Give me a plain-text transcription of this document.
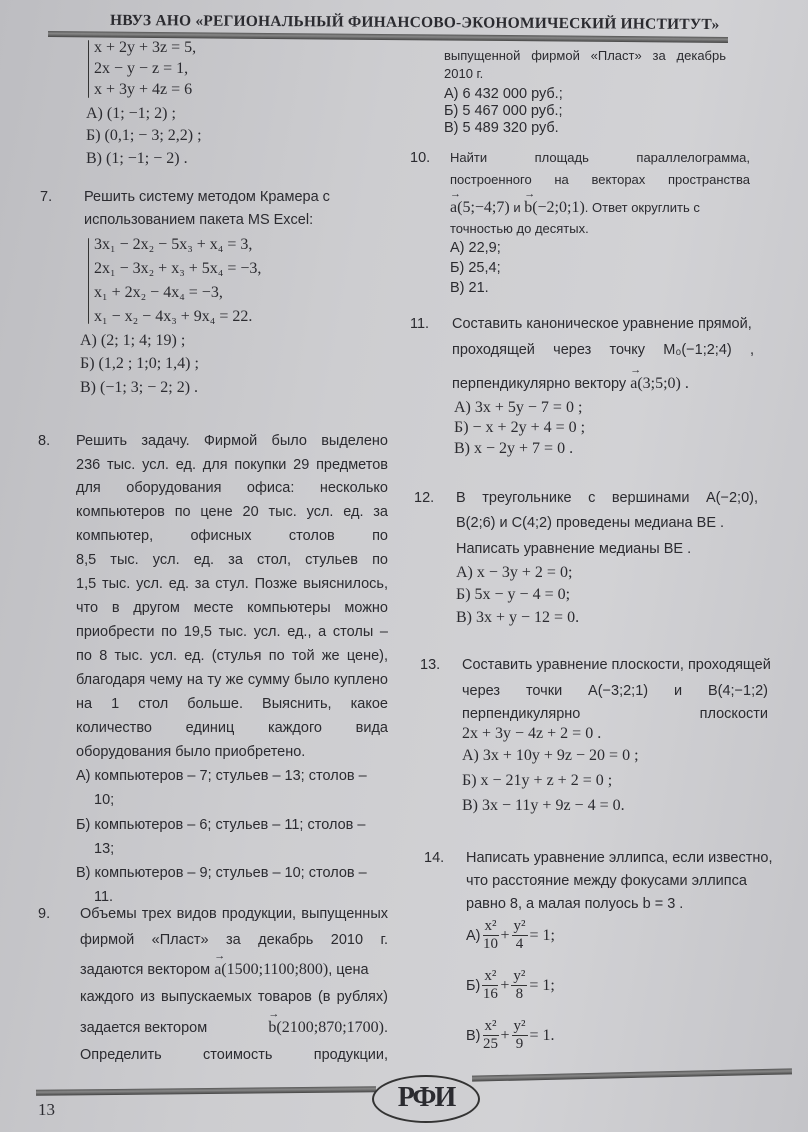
НВУЗ АНО «РЕГИОНАЛЬНЫЙ ФИНАНСОВО-ЭКОНОМИЧЕСКИЙ ИНСТИТУТ»
x + 2y + 3z = 5,
2x − y − z = 1,
x + 3y + 4z = 6
А) (1; −1; 2) ;
Б) (0,1; − 3; 2,2) ;
В) (1; −1; − 2) .
7. Решить систему методом Крамера с
использованием пакета MS Excel:
3x₁ − 2x₂ − 5x₃ + x₄ = 3,
2x₁ − 3x₂ + x₃ + 5x₄ = −3,
x₁ + 2x₂ − 4x₄ = −3,
x₁ − x₂ − 4x₃ + 9x₄ = 22.
А) (2; 1; 4; 19) ;
Б) (1,2 ; 1;0; 1,4) ;
В) (−1; 3; − 2; 2) .
8. Решить задачу. Фирмой было выделено
236 тыс. усл. ед. для покупки 29 предметов
для оборудования офиса: несколько
компьютеров по цене 20 тыс. усл. ед. за
компьютер, офисных столов по
8,5 тыс. усл. ед. за стол, стульев по
1,5 тыс. усл. ед. за стул. Позже выяснилось,
что в другом месте компьютеры можно
приобрести по 19,5 тыс. усл. ед., а столы –
по 8 тыс. усл. ед. (стулья по той же цене),
благодаря чему на ту же сумму было куплено
на 1 стол больше. Выяснить, какое
количество единиц каждого вида
оборудования было приобретено.
А) компьютеров – 7; стульев – 13; столов –
10;
Б) компьютеров – 6; стульев – 11; столов –
13;
В) компьютеров – 9; стульев – 10; столов –
11.
9. Объемы трех видов продукции, выпущенных
фирмой «Пласт» за декабрь 2010 г.
задаются вектором → a(1500;1100;800), цена
каждого из выпускаемых товаров (в рублях)
задается вектором	→ b(2100;870;1700).
Определить стоимость продукции,
выпущенной фирмой «Пласт» за декабрь
2010 г.
А) 6 432 000 руб.;
Б) 5 467 000 руб.;
В) 5 489 320 руб.
10. Найти площадь параллелограмма,
построенного на векторах пространства
→ a(5;−4;7) и → b(−2;0;1). Ответ округлить с
точностью до десятых.
А) 22,9;
Б) 25,4;
В) 21.
11. Составить каноническое уравнение прямой,
проходящей через точку M₀(−1;2;4) ,
перпендикулярно вектору → a(3;5;0) .
А) 3x + 5y − 7 = 0 ;
Б) − x + 2y + 4 = 0 ;
В) x − 2y + 7 = 0 .
12. В треугольнике с вершинами A(−2;0),
B(2;6) и C(4;2) проведены медиана BE .
Написать уравнение медианы BE .
А) x − 3y + 2 = 0;
Б) 5x − y − 4 = 0;
В) 3x + y − 12 = 0.
13. Составить уравнение плоскости, проходящей
через точки A(−3;2;1) и B(4;−1;2)
перпендикулярно плоскости
2x + 3y − 4z + 2 = 0 .
А) 3x + 10y + 9z − 20 = 0 ;
Б) x − 21y + z + 2 = 0 ;
В) 3x − 11y + 9z − 4 = 0.
14. Написать уравнение эллипса, если известно,
что расстояние между фокусами эллипса
равно 8, а малая полуось b = 3 .
$А) \frac{\text{x²}}{10} + \frac{\text{y²}}{4} = 1$;
$Б) \frac{\text{x²}}{16} + \frac{\text{y²}}{8} = 1$;
$В) \frac{\text{x²}}{25} + \frac{\text{y²}}{9} = 1$.
РФИ
13
